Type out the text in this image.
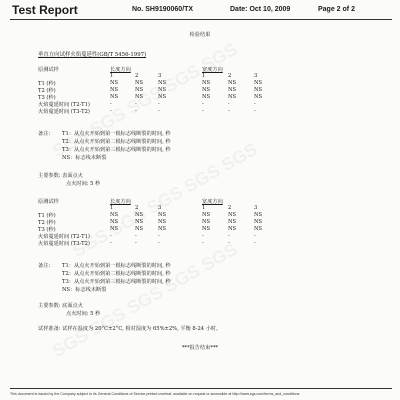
Test Report	No. SH9190060/TX	Date: Oct 10, 2009	Page 2 of 2
检验结果
垂直方向试样火焰蔓延性(GB/T 5456-1997)
原测试样	长度方向	宽度方向
1	2	3	1	2	3
T1 (秒)	NS	NS	NS	NS	NS	NS
T2 (秒)	NS	NS	NS	NS	NS	NS
T3 (秒)	NS	NS	NS	NS	NS	NS
火焰蔓延时间 (T2-T1)	-	-	-	-	-	-
火焰蔓延时间 (T3-T2)	-	-	-	-	-	-
备注: T1：从点火开始到第一根标志线断裂的时间, 秒
T2：从点火开始到第二根标志线断裂的时间, 秒
T3：从点火开始到第三根标志线断裂的时间, 秒
NS：标志线未断裂
主要参数: 表面点火
点火时间: 5 秒
原测试样	长度方向	宽度方向
1	2	3	1	2	3
T1 (秒)	NS	NS	NS	NS	NS	NS
T2 (秒)	NS	NS	NS	NS	NS	NS
T3 (秒)	NS	NS	NS	NS	NS	NS
火焰蔓延时间 (T2-T1)	-	-	-	-	-	-
火焰蔓延时间 (T3-T2)	-	-	-	-	-	-
备注: T1：从点火开始到第一根标志线断裂的时间, 秒
T2：从点火开始到第二根标志线断裂的时间, 秒
T3：从点火开始到第三根标志线断裂的时间, 秒
NS：标志线未断裂
主要参数: 底面点火
点火时间: 5 秒
试样准备: 试样在温度为 20°C±2°C, 相对湿度为 65%±2%, 平衡 8-24 小时。
***报告结束***
This document is issued by the Company subject to its General Conditions of Service printed overleaf, available on request or accessible at http://www.sgs.com/terms_and_conditions
